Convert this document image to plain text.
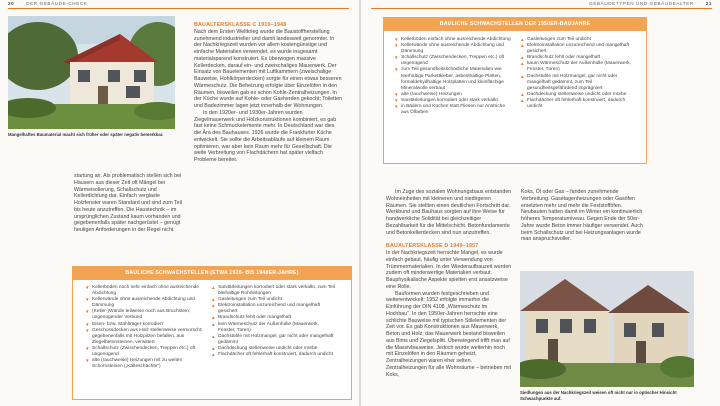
20	DER GEBÄUDE-CHECK	GEBÄUDETYPEN UND GEBÄUDEALTER	21
Mangelhaftes Baumaterial macht sich früher oder später negativ bemerkbar.

startung an. Als problematisch stellen sich bei Häusern aus dieser Zeit oft Mängel bei Wärmeisolierung, Schallschutz und Kellerdichtung dar. Einfach verglaste Holzfenster waren Standard und sind zum Teil bis heute anzutreffen. Die Haustechnik – im ursprünglichen Zustand kaum vorhanden und gegebenenfalls später nachgerüstet – genügt heutigen Anforderungen in der Regel nicht.

BAUALTERSKLASSE C 1919–1948

Nach dem Ersten Weltkrieg wurde die Baustoffherstellung zunehmend industrieller und damit landesweit genormter. In der Nachkriegszeit wurden vor allem kostengünstige und einfache Materialien verwendet, es wurde insgesamt materialsparend konstruiert. Es überwogen massive Kellerdecken, darauf ein- und zweischaliges Mauerwerk. Der Einsatz von Bauelementen mit Luftkammern (zweischalige Bauweise, Hohlkörperdecken) sorgte für einen etwas besseren Wärmeschutz. Die Beheizung erfolgte über Einzelöfen in den Räumen, bisweilen gab es schon Kohle-Zentralheizungen. In der Küche wurde auf Kohle- oder Gasherden gekocht; Toiletten und Badezimmer lagen jetzt innerhalb der Wohnungen.

In den 1920er- und 1930er-Jahren wurden Ziegelmauerwerk und Holzkonstruktionen kombiniert, es gab fast keine Schmuckelemente mehr. In Deutschland war dies die Ära des Bauhauses. 1926 wurde die Frankfurter Küche entwickelt. Sie sollte die Arbeitsabläufe auf kleinem Raum optimieren, war aber kein Raum mehr für Gesellschaft. Die weite Verbreitung von Flachdächern hat später vielfach Probleme bereitet.

BAULICHE SCHWACHSTELLEN (ETWA 1920- BIS 1948ER-JAHRE)
▼ Kellerböden noch sehr einfach ohne ausreichende Abdichtung
▼ Kellerwände ohne ausreichende Abdichtung und Dämmung
▼ (Keller-)Wände teilweise noch aus Bruchstein; ungenügender Verbund
▼ Eisen- bzw. Stahlträger korrodiert
▼ Geschossdecken aus Holz stellenweise vermorscht; gegebenenfalls mit Holzpilzen befallen, aus Ziegelbetonsteinen, verwittert
▼ Schallschutz (Zwischendecken, Treppen etc.) oft ungenügend
▼ alte (rauchweise) Heizungen mit zu weiten Schornsteinen („Kälteschächte")
▲ Sanitärleitungen korrodiert oder stark verkalkt, zum Teil bleihaltige Rohrleitungen
▲ Gasleitungen zum Teil undicht
▲ Elektroinstallation unzureichend und mangelhaft gesichert
▲ Brandschutz fehlt oder mangelhaft
▲ kein Wärmeschutz der Außenhülle (Mauerwerk, Fenster, Türen)
▲ Dachstühle mit Holzmangel, gar nicht oder mangelhaft gedämmt
▲ Dachdeckung stellenweise undicht oder mürbe
▲ Flachdächer oft fehlerhaft konstruiert, dadurch undicht
BAULICHE SCHWACHSTELLEN DER 1950ER-BAUJAHRE
▼ Kellerböden einfach ohne ausreichende Abdichtung
▼ Kellerwände ohne ausreichende Abdichtung und Dämmung
▼ Schallschutz (Zwischendecken, Treppen etc.) oft ungenügend
▼ zum Teil gesundheitsschädliche Materialien wie teerhaltige Parkettkleber, asbesthaltige Platten, formaldehydhaltige Holzplatten und kleinflächige Mineralwolle verbaut
▼ alte (rauchweise) Heizungen
▼ Sanitärleitungen korrodiert oder stark verkalkt
▼ in Bädern und Küchen statt Fliesen nur Anstriche aus Ölfarben
▲ Gasleitungen zum Teil undicht
▲ Elektroinstallation unzureichend und mangelhaft gesichert
▲ Brandschutz fehlt oder mangelhaft
▲ kaum Wärmeschutz der Außenhülle (Mauerwerk, Fenster, Türen)
▲ Dachstühle mit Holzmangel, gar nicht oder mangelhaft gedämmt, zum Teil gesundheitsgefährdend imprägniert
▲ Dachdeckung stellenweise undicht oder mürbe
▲ Flachdächer oft fehlerhaft konstruiert, dadurch undicht

Im Zuge des sozialen Wohnungsbaus entstanden Wohneinheiten mit kleineren und niedrigeren Räumen. Sie stellten einen deutlichen Fortschritt dar. Werkbund und Bauhaus sorgten auf ihre Weise für handwerkliche Solidität bei gleichzeitiger Bezahlbarkeit für die Mittelschicht. Betonfundamente und Betonkellerdecken sind nun anzutreffen.

BAUALTERSKLASSE D 1949–1957

In der Nachkriegszeit herrschte Mangel, es wurde einfach gebaut, häufig unter Verwendung von Trümmermaterialien. In der Wiederaufbauzeit wurden zudem oft minderwertige Materialien verbaut. Bauphysikalische Aspekte spielten erst ansatzweise eine Rolle.

Bauformen wurden festgeschrieben und weiterentwickelt: 1952 erfolgte immerhin die Einführung der DIN 4108 „Wärmeschutz im Hochbau". In den 1950er-Jahren herrschte eine schlichte Bauweise mit typischen Stilelementen der Zeit vor. Es gab Konstruktionen aus Mauerwerk, Beton und Holz; das Mauerwerk bestand bisweilen aus Bims und Ziegelsplitt. Überwiegend trifft man auf die Massivbauweise. Jedoch wurde weiterhin noch mit Einzelöfen in den Räumen geheizt, Zentralheizungen waren eher selten. Zentralheizungen für alle Wohnräume – betrieben mit Koks,

Koks, Öl oder Gas – fanden zunehmende Verbreitung. Gasetagenheizungen oder Gasöfen ersetzten mehr und mehr die Feststofföfen. Neubauten hatten damit im Winter ein kontinuierlich höheres Temperaturniveau. Gegen Ende der 50er-Jahre wurde Beton immer häufiger verwendet. Auch beim Schallschutz und bei Heizungsanlagen wurde man anspruchsvoller.

Siedlungen aus der Nachkriegszeit weisen oft nicht nur in optischer Hinsicht Schwachpunkte auf.
